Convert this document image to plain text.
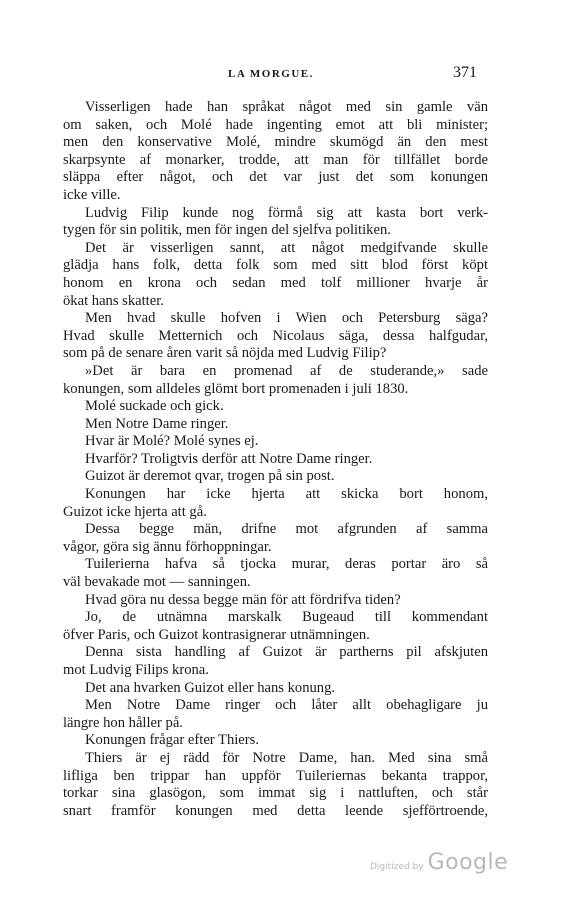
LA MORGUE.	371
Visserligen hade han språkat något med sin gamle vän
om saken, och Molé hade ingenting emot att bli minister;
men den konservative Molé, mindre skumögd än den mest
skarpsynte af monarker, trodde, att man för tillfället borde
släppa efter något, och det var just det som konungen
icke ville.
Ludvig Filip kunde nog förmå sig att kasta bort verk-
tygen för sin politik, men för ingen del sjelfva politiken.
Det är visserligen sannt, att något medgifvande skulle
glädja hans folk, detta folk som med sitt blod först köpt
honom en krona och sedan med tolf millioner hvarje år
ökat hans skatter.
Men hvad skulle hofven i Wien och Petersburg säga?
Hvad skulle Metternich och Nicolaus säga, dessa halfgudar,
som på de senare åren varit så nöjda med Ludvig Filip?
»Det är bara en promenad af de studerande,» sade
konungen, som alldeles glömt bort promenaden i juli 1830.
Molé suckade och gick.
Men Notre Dame ringer.
Hvar är Molé? Molé synes ej.
Hvarför? Troligtvis derför att Notre Dame ringer.
Guizot är deremot qvar, trogen på sin post.
Konungen har icke hjerta att skicka bort honom,
Guizot icke hjerta att gå.
Dessa begge män, drifne mot afgrunden af samma
vågor, göra sig ännu förhoppningar.
Tuilerierna hafva så tjocka murar, deras portar äro så
väl bevakade mot — sanningen.
Hvad göra nu dessa begge män för att fördrifva tiden?
Jo, de utnämna marskalk Bugeaud till kommendant
öfver Paris, och Guizot kontrasignerar utnämningen.
Denna sista handling af Guizot är partherns pil afskjuten
mot Ludvig Filips krona.
Det ana hvarken Guizot eller hans konung.
Men Notre Dame ringer och låter allt obehagligare ju
längre hon håller på.
Konungen frågar efter Thiers.
Thiers är ej rädd för Notre Dame, han. Med sina små
lifliga ben trippar han uppför Tuileriernas bekanta trappor,
torkar sina glasögon, som immat sig i nattluften, och står
snart framför konungen med detta leende sjefförtroende,
Digitized by Google
